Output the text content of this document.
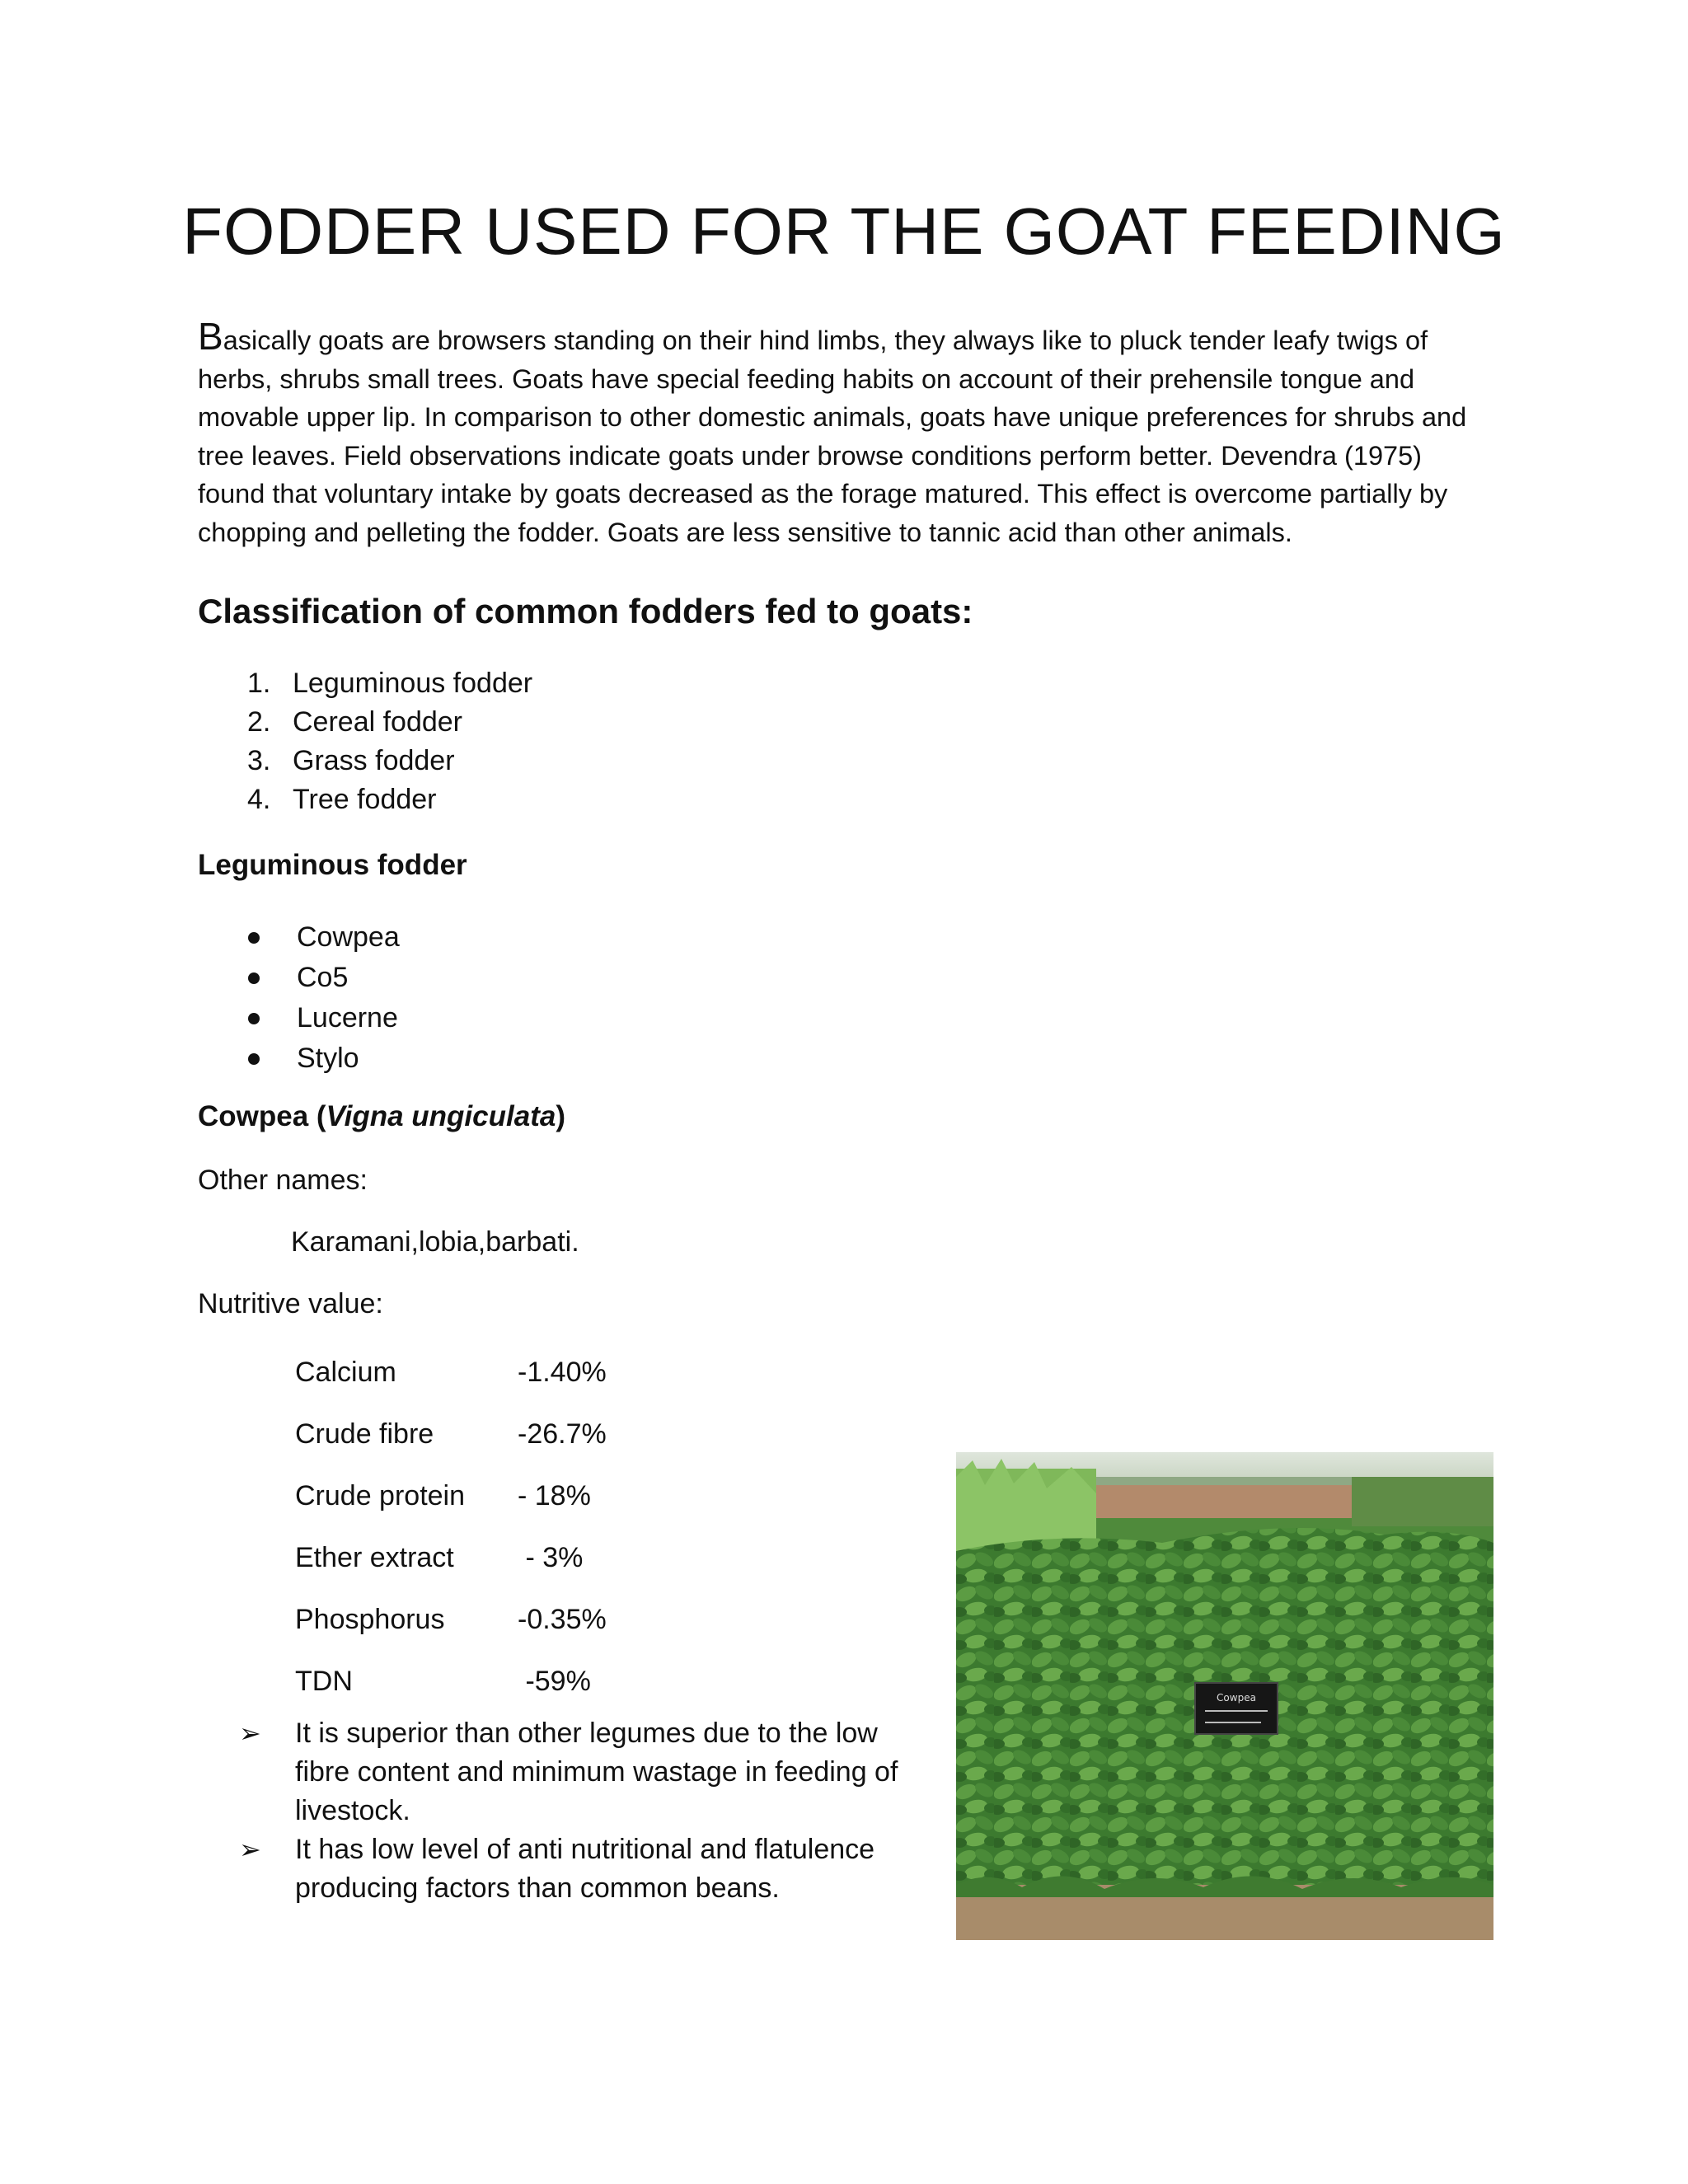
FODDER USED FOR THE GOAT FEEDING

Basically goats are browsers standing on their hind limbs, they always like to pluck tender leafy twigs of herbs, shrubs small trees. Goats have special feeding habits on account of their prehensile tongue and movable upper lip. In comparison to other domestic animals, goats have unique preferences for shrubs and tree leaves. Field observations indicate goats under browse conditions perform better. Devendra (1975) found that voluntary intake by goats decreased as the forage matured. This effect is overcome partially by chopping and pelleting the fodder. Goats are less sensitive to tannic acid than other animals.

Classification of common fodders fed to goats:
1. Leguminous fodder
2. Cereal fodder
3. Grass fodder
4. Tree fodder
Leguminous fodder
Cowpea
Co5
Lucerne
Stylo
Cowpea (Vigna ungiculata)

Other names:

Karamani,lobia,barbati.

Nutritive value:

Calcium	-1.40%
Crude fibre	-26.7%
Crude protein	- 18%
Ether extract	- 3%
Phosphorus	-0.35%
TDN	-59%
➢	It is superior than other legumes due to the low fibre content and minimum wastage in feeding of livestock.
➢	It has low level of anti nutritional and flatulence producing factors than common beans.
Cowpea
